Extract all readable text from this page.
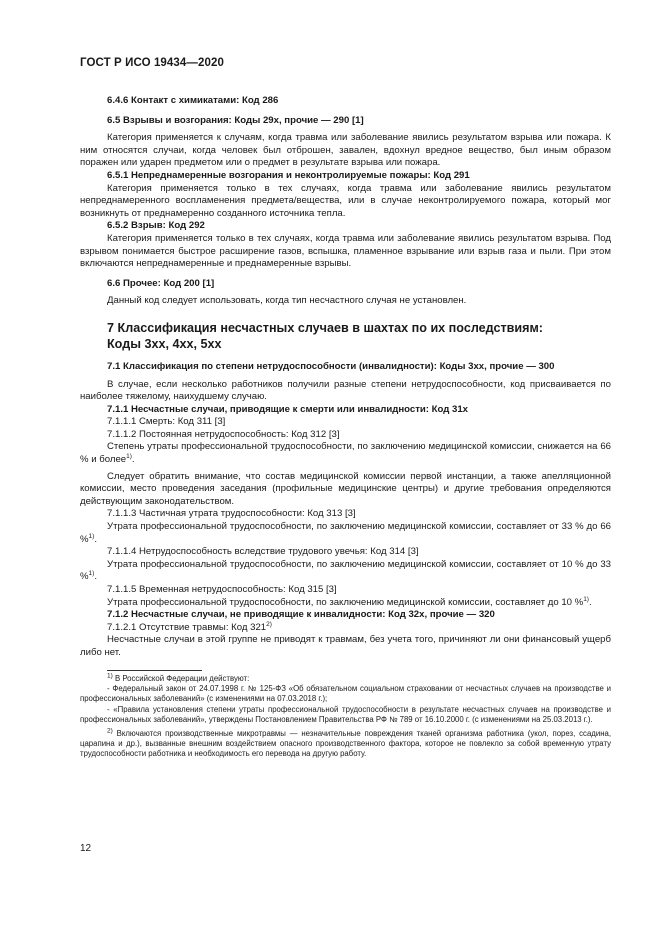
ГОСТ Р ИСО 19434—2020

6.4.6 Контакт с химикатами: Код 286

6.5 Взрывы и возгорания: Коды 29х, прочие — 290 [1]

Категория применяется к случаям, когда травма или заболевание явились результатом взрыва или пожара. К ним относятся случаи, когда человек был отброшен, завален, вдохнул вредное вещество, был иным образом поражен или ударен предметом или о предмет в результате взрыва или пожара.

6.5.1 Непреднамеренные возгорания и неконтролируемые пожары: Код 291

Категория применяется только в тех случаях, когда травма или заболевание явились результатом непреднамеренного воспламенения предмета/вещества, или в случае неконтролируемого пожара, который мог возникнуть от преднамеренно созданного источника тепла.

6.5.2 Взрыв: Код 292

Категория применяется только в тех случаях, когда травма или заболевание явились результатом взрыва. Под взрывом понимается быстрое расширение газов, вспышка, пламенное взрывание или взрыв газа и пыли. При этом включаются непреднамеренные и преднамеренные взрывы.

6.6 Прочее: Код 200 [1]

Данный код следует использовать, когда тип несчастного случая не установлен.

7 Классификация несчастных случаев в шахтах по их последствиям:
Коды 3хх, 4хх, 5хх

7.1 Классификация по степени нетрудоспособности (инвалидности): Коды 3хх, прочие — 300

В случае, если несколько работников получили разные степени нетрудоспособности, код присваивается по наиболее тяжелому, наихудшему случаю.

7.1.1 Несчастные случаи, приводящие к смерти или инвалидности: Код 31х

7.1.1.1 Смерть: Код 311 [3]

7.1.1.2 Постоянная нетрудоспособность: Код 312 [3]

Степень утраты профессиональной трудоспособности, по заключению медицинской комиссии, снижается на 66 % и более$^{1)}$.

Следует обратить внимание, что состав медицинской комиссии первой инстанции, а также апелляционной комиссии, место проведения заседания (профильные медицинские центры) и другие требования определяются действующим законодательством.

7.1.1.3 Частичная утрата трудоспособности: Код 313 [3]

Утрата профессиональной трудоспособности, по заключению медицинской комиссии, составляет от 33 % до 66 %$^{1)}$.

7.1.1.4 Нетрудоспособность вследствие трудового увечья: Код 314 [3]

Утрата профессиональной трудоспособности, по заключению медицинской комиссии, составляет от 10 % до 33 %$^{1)}$.

7.1.1.5 Временная нетрудоспособность: Код 315 [3]

Утрата профессиональной трудоспособности, по заключению медицинской комиссии, составляет до 10 %$^{1)}$.

7.1.2 Несчастные случаи, не приводящие к инвалидности: Код 32х, прочие — 320

7.1.2.1 Отсутствие травмы: Код 321$^{2)}$

Несчастные случаи в этой группе не приводят к травмам, без учета того, причиняют ли они финансовый ущерб либо нет.

$^{1)}$ В Российской Федерации действуют:

- Федеральный закон от 24.07.1998 г. № 125-ФЗ «Об обязательном социальном страховании от несчастных случаев на производстве и профессиональных заболеваний» (с изменениями на 07.03.2018 г.);

- «Правила установления степени утраты профессиональной трудоспособности в результате несчастных случаев на производстве и профессиональных заболеваний», утверждены Постановлением Правительства РФ № 789 от 16.10.2000 г. (с изменениями на 25.03.2013 г.).

$^{2)}$ Включаются производственные микротравмы — незначительные повреждения тканей организма работника (укол, порез, ссадина, царапина и др.), вызванные внешним воздействием опасного производственного фактора, которое не повлекло за собой временную утрату трудоспособности работника и необходимость его перевода на другую работу.

12
